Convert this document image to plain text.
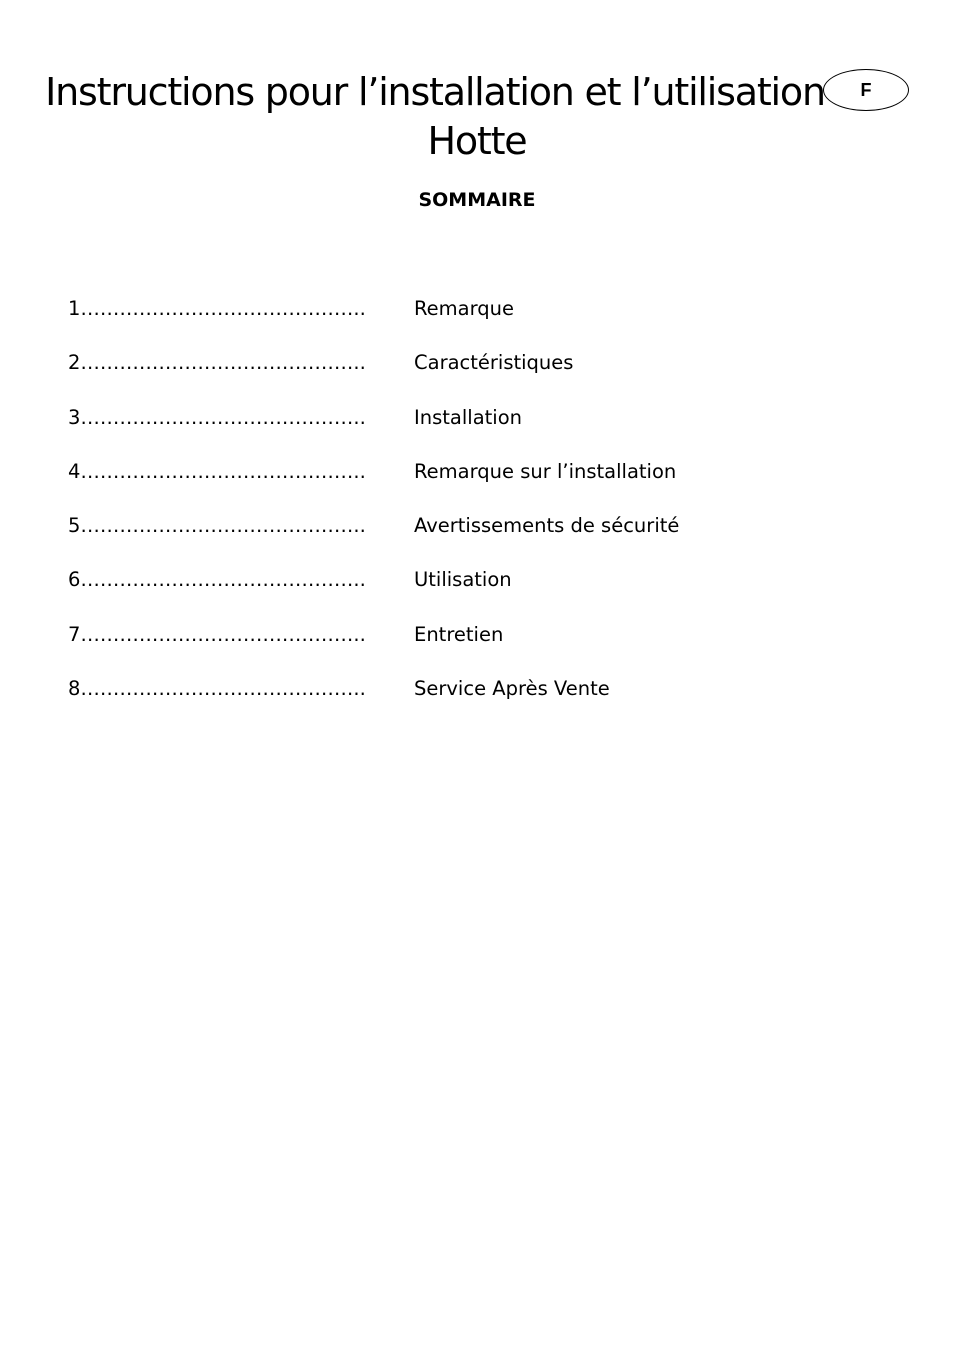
Instructions pour l’installation et l’utilisation
Hotte
F
SOMMAIRE
1…………………………………….. Remarque
2…………………………………….. Caractéristiques
3…………………………………….. Installation
4…………………………………….. Remarque sur l’installation
5…………………………………….. Avertissements de sécurité
6…………………………………….. Utilisation
7…………………………………….. Entretien
8…………………………………….. Service Après Vente
